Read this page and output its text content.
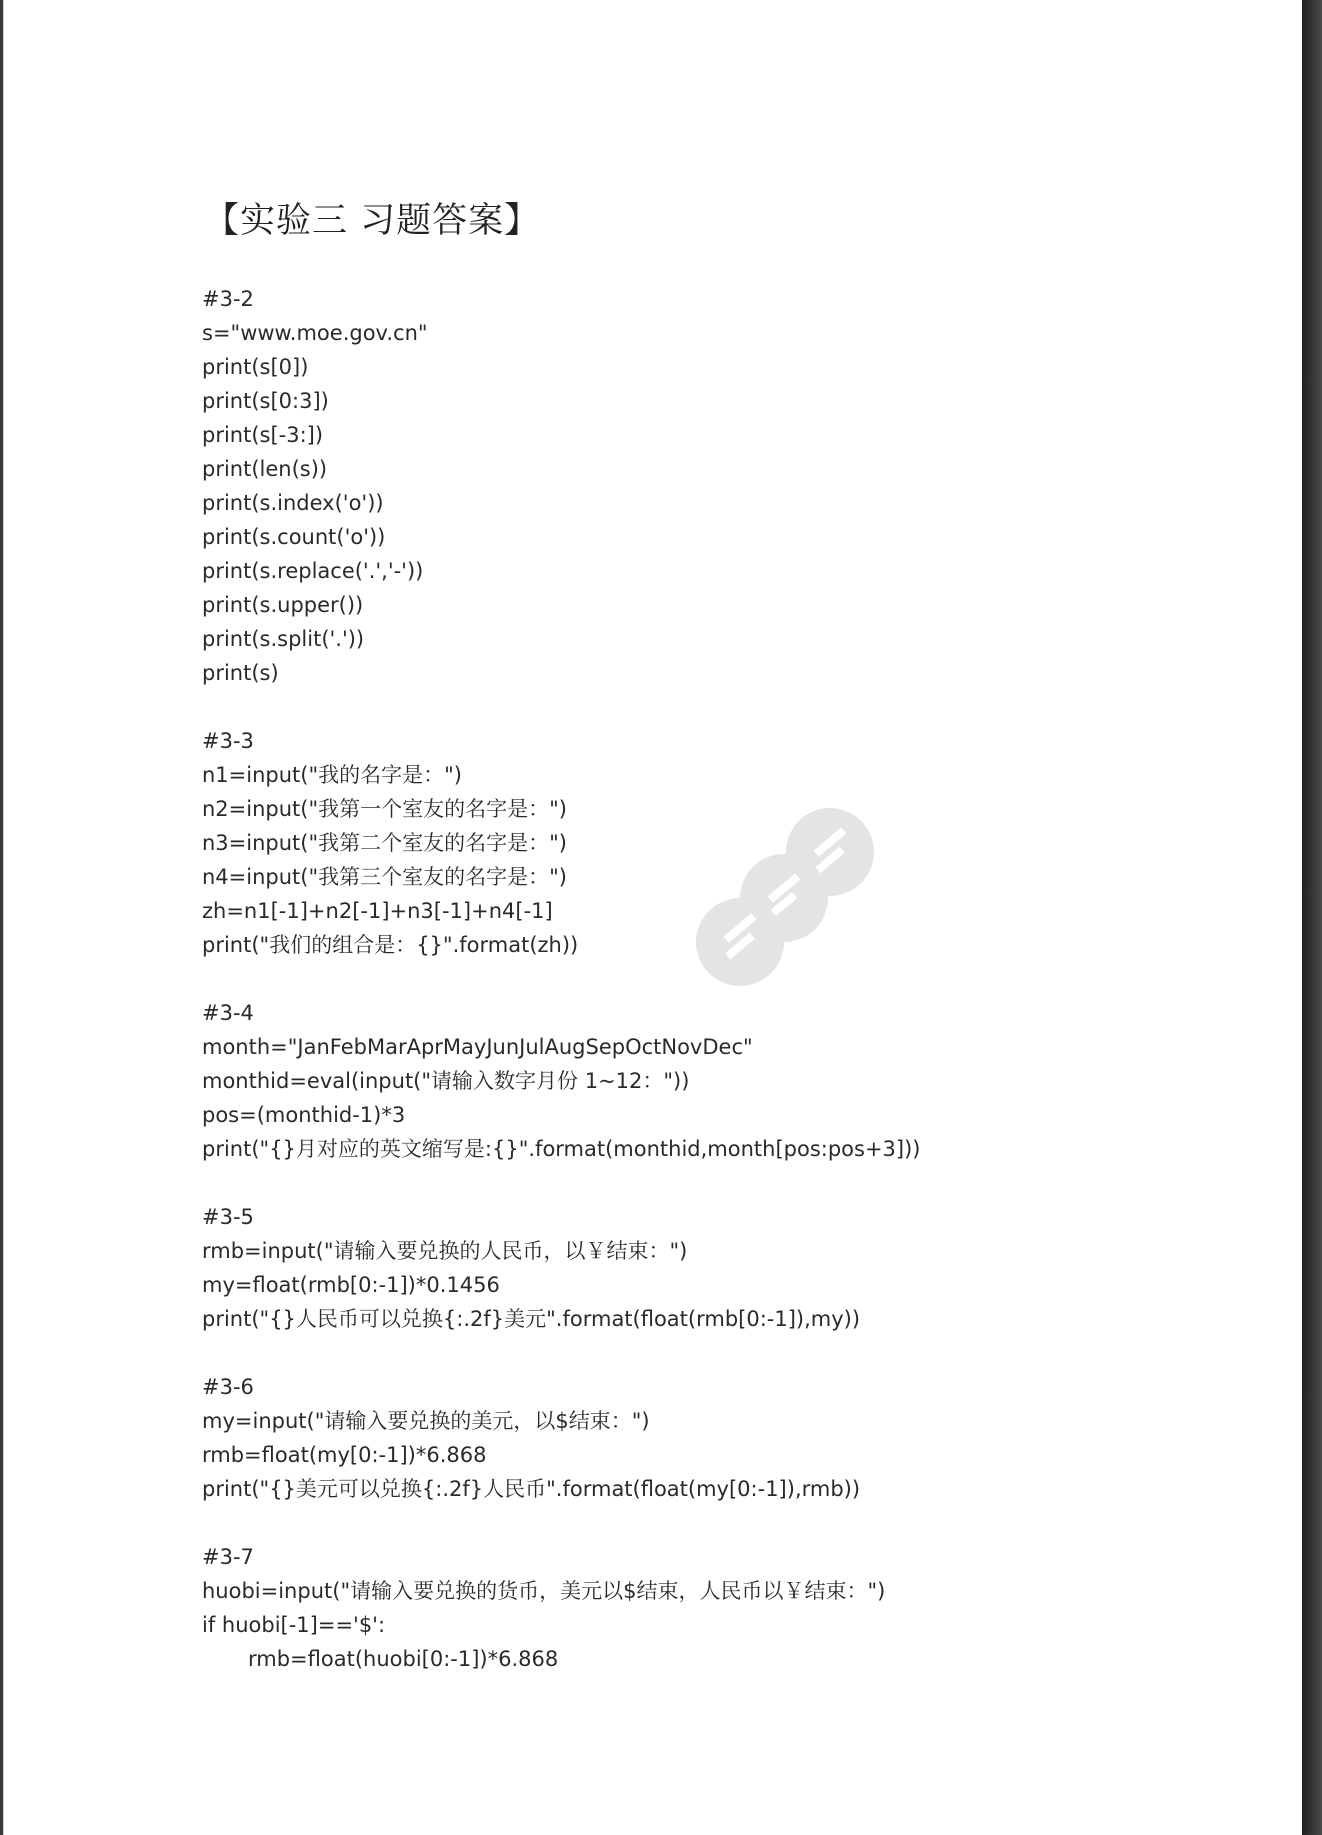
【实验三 习题答案】
#3-2
s="www.moe.gov.cn"
print(s[0])
print(s[0:3])
print(s[-3:])
print(len(s))
print(s.index('o'))
print(s.count('o'))
print(s.replace('.','-'))
print(s.upper())
print(s.split('.'))
print(s)
#3-3
n1=input("我的名字是：")
n2=input("我第一个室友的名字是：")
n3=input("我第二个室友的名字是：")
n4=input("我第三个室友的名字是：")
zh=n1[-1]+n2[-1]+n3[-1]+n4[-1]
print("我们的组合是：{}".format(zh))
#3-4
month="JanFebMarAprMayJunJulAugSepOctNovDec"
monthid=eval(input("请输入数字月份 1~12："))
pos=(monthid-1)*3
print("{}月对应的英文缩写是:{}".format(monthid,month[pos:pos+3]))
#3-5
rmb=input("请输入要兑换的人民币，以￥结束：")
my=float(rmb[0:-1])*0.1456
print("{}人民币可以兑换{:.2f}美元".format(float(rmb[0:-1]),my))
#3-6
my=input("请输入要兑换的美元，以$结束：")
rmb=float(my[0:-1])*6.868
print("{}美元可以兑换{:.2f}人民币".format(float(my[0:-1]),rmb))
#3-7
huobi=input("请输入要兑换的货币，美元以$结束，人民币以￥结束：")
if huobi[-1]=='$':
rmb=float(huobi[0:-1])*6.868
